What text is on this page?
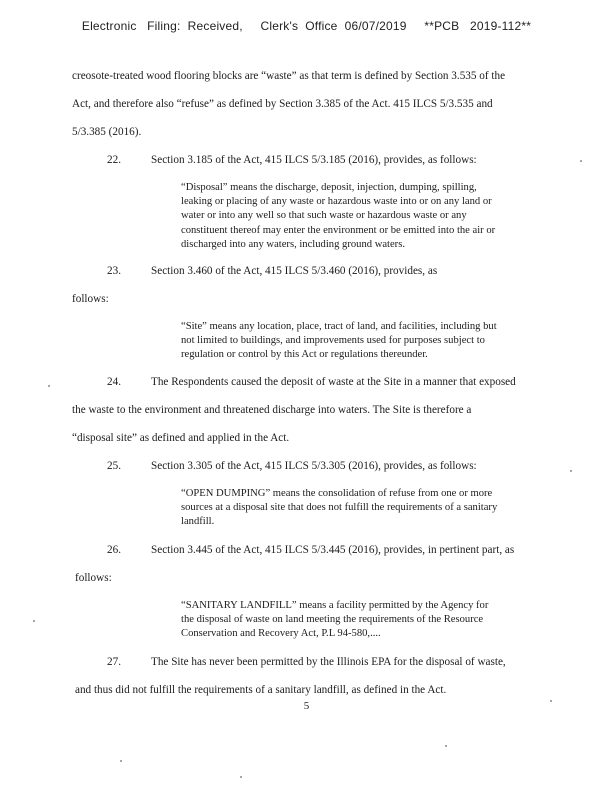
Electronic   Filing:  Received,     Clerk's  Office  06/07/2019     **PCB   2019-112**
creosote-treated wood flooring blocks are “waste” as that term is defined by Section 3.535 of the
Act, and therefore also “refuse” as defined by Section 3.385 of the Act. 415 ILCS 5/3.535 and
5/3.385 (2016).
22.	Section 3.185 of the Act, 415 ILCS 5/3.185 (2016), provides, as follows:
“Disposal” means the discharge, deposit, injection, dumping, spilling,
leaking or placing of any waste or hazardous waste into or on any land or
water or into any well so that such waste or hazardous waste or any
constituent thereof may enter the environment or be emitted into the air or
discharged into any waters, including ground waters.
23.	Section 3.460 of the Act, 415 ILCS 5/3.460 (2016), provides, as
follows:
“Site” means any location, place, tract of land, and facilities, including but
not limited to buildings, and improvements used for purposes subject to
regulation or control by this Act or regulations thereunder.
24.	The Respondents caused the deposit of waste at the Site in a manner that exposed
the waste to the environment and threatened discharge into waters. The Site is therefore a
“disposal site” as defined and applied in the Act.
25.	Section 3.305 of the Act, 415 ILCS 5/3.305 (2016), provides, as follows:
“OPEN DUMPING” means the consolidation of refuse from one or more
sources at a disposal site that does not fulfill the requirements of a sanitary
landfill.
26.	Section 3.445 of the Act, 415 ILCS 5/3.445 (2016), provides, in pertinent part, as
follows:
“SANITARY LANDFILL” means a facility permitted by the Agency for
the disposal of waste on land meeting the requirements of the Resource
Conservation and Recovery Act, P.L 94-580,....
27.	The Site has never been permitted by the Illinois EPA for the disposal of waste,
and thus did not fulfill the requirements of a sanitary landfill, as defined in the Act.
5
